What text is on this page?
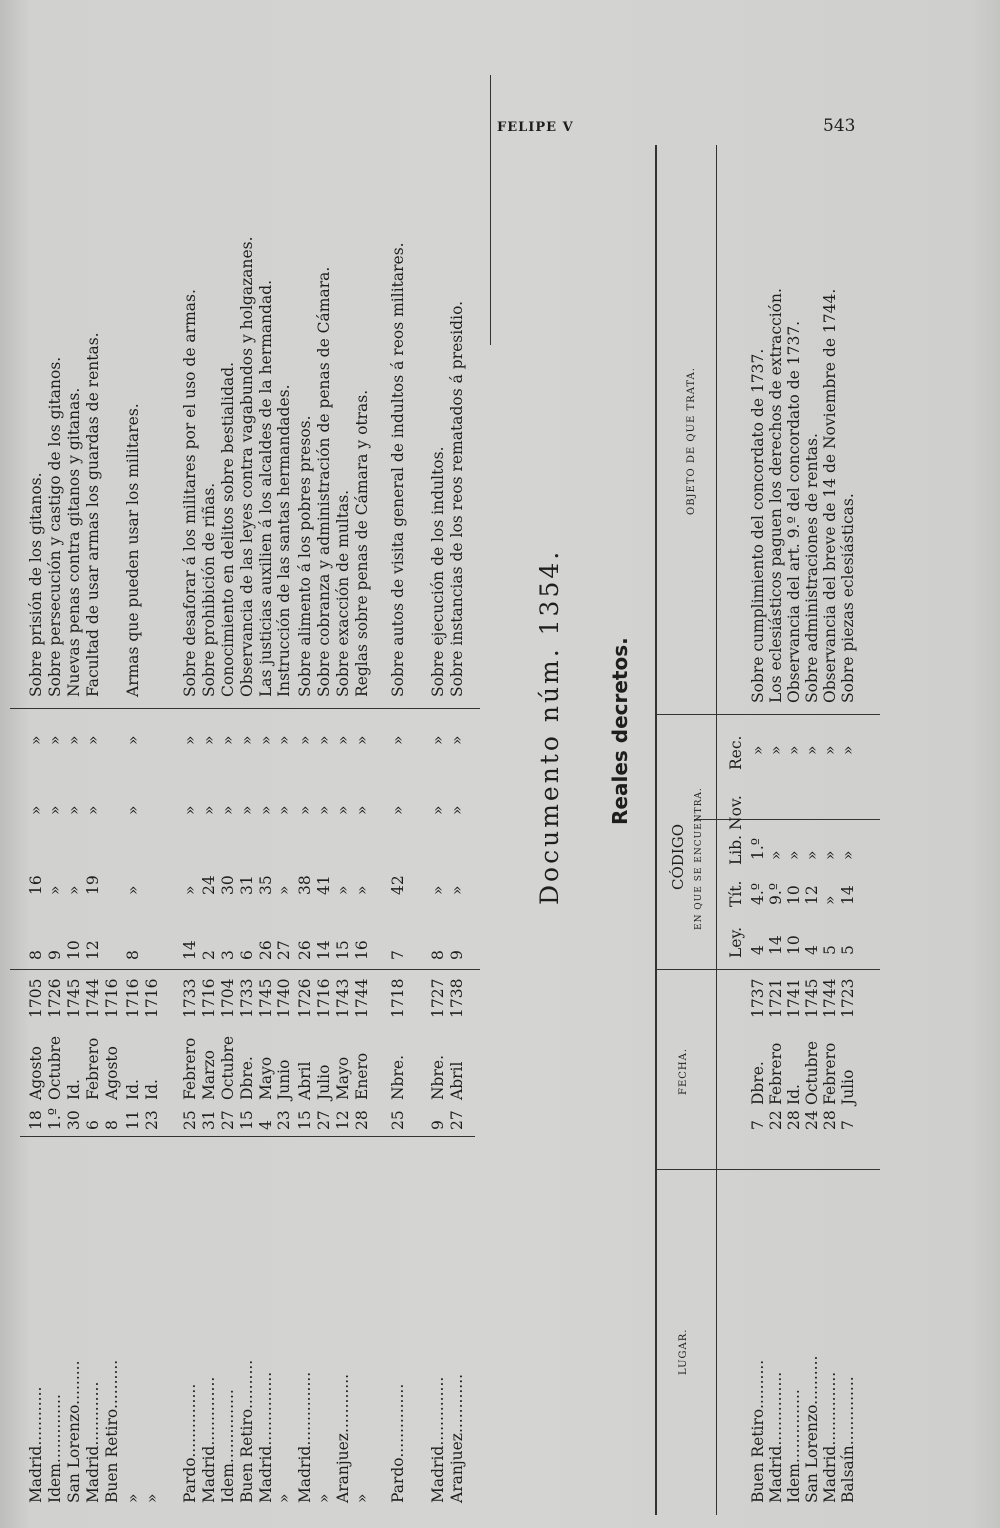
FELIPE V	543
Madrid............
18
Agosto
1705
8
16
»
»
Sobre prisión de los gitanos.
Idem..............
1.º
Octubre
1726
9
»
»
»
Sobre persecución y castigo de los gitanos.
San Lorenzo.........
30
Id.
1745
10
»
»
»
Nuevas penas contra gitanos y gitanas.
Madrid.............
6
Febrero
1744
12
19
»
»
Facultad de usar armas los guardas de rentas.
Buen Retiro..........
8
Agosto
1716
»
11
Id.
1716
8
»
»
»
Armas que pueden usar los militares.
»
23
Id.
1716
Pardo...............
25
Febrero
1733
14
»
»
»
Sobre desaforar á los militares por el uso de armas.
Madrid..............
31
Marzo
1716
2
24
»
»
Sobre prohibición de riñas.
Idem...............
27
Octubre
1704
3
30
»
»
Conocimiento en delitos sobre bestialidad.
Buen Retiro..........
15
Dbre.
1733
6
31
»
»
Observancia de las leyes contra vagabundos y holgazanes.
Madrid...............
4
Mayo
1745
26
35
»
»
Las justicias auxilien á los alcaldes de la hermandad.
»
23
Junio
1740
27
»
»
»
Instrucción de las santas hermandades.
Madrid...............
15
Abril
1726
26
38
»
»
Sobre alimento á los pobres presos.
»
27
Julio
1716
14
41
»
»
Sobre cobranza y administración de penas de Cámara.
Aranjuez............
12
Mayo
1743
15
»
»
»
Sobre exacción de multas.
»
28
Enero
1744
16
»
»
»
Reglas sobre penas de Cámara y otras.
Pardo...............
25
Nbre.
1718
7
42
»
»
Sobre autos de visita general de indultos á reos militares.
Madrid..............
9
Nbre.
1727
8
»
»
»
Sobre ejecución de los indultos.
Aranjuez............
27
Abril
1738
9
»
»
»
Sobre instancias de los reos rematados á presidio.
Documento núm. 1354. Reales decretos.
LUGAR.
FECHA.
CÓDIGO EN QUE SE ENCUENTRA.
OBJETO DE QUE TRATA.
Ley.
Tít.
Lib. Nov.
Rec.
Buen Retiro..........
7
Dbre.
1737
4
4.º
1.º
»
Sobre cumplimiento del concordato de 1737.
Madrid...............
22
Febrero
1721
14
9.º
»
»
Los eclesiásticos paguen los derechos de extracción.
Idem...............
28
Id.
1741
10
10
»
»
Observancia del art. 9.º del concordato de 1737.
San Lorenzo..........
24
Octubre
1745
4
12
»
»
Sobre administraciones de rentas.
Madrid...............
28
Febrero
1744
5
»
»
»
Observancia del breve de 14 de Noviembre de 1744.
Balsaín..............
7
Julio
1723
5
14
»
»
Sobre piezas eclesiásticas.
